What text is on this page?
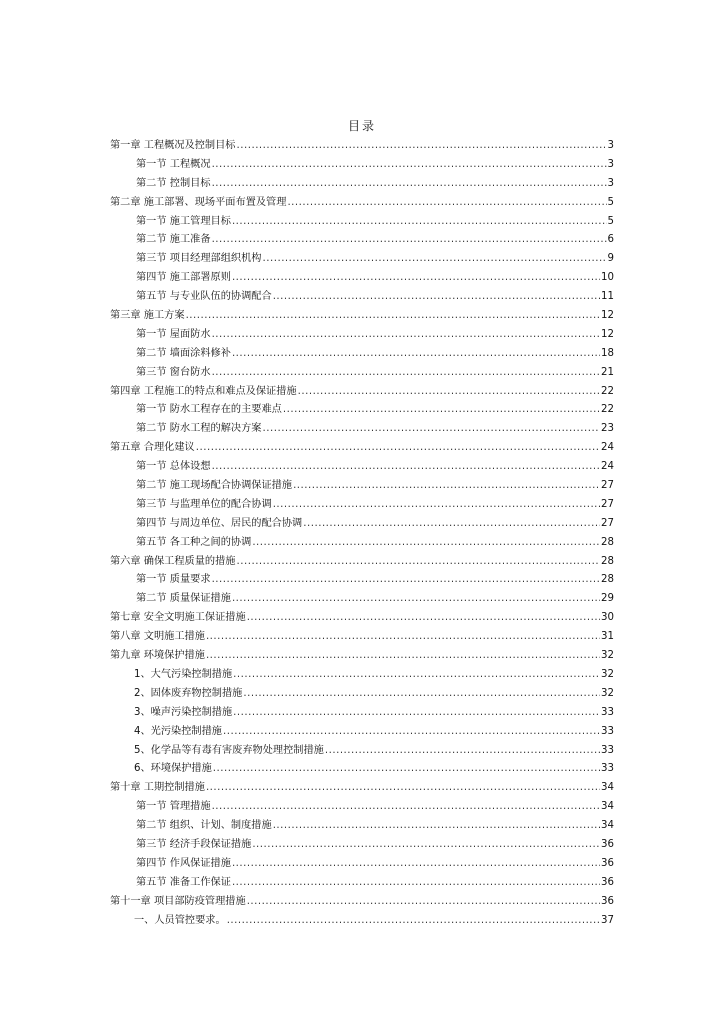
目录
第一章 工程概况及控制目标 .....	3
第一节 工程概况 .....	3
第二节 控制目标 .....	3
第二章 施工部署、现场平面布置及管理 .....	5
第一节 施工管理目标 .....	5
第二节 施工准备 .....	6
第三节 项目经理部组织机构 .....	9
第四节 施工部署原则 .....	10
第五节 与专业队伍的协调配合 .....	11
第三章 施工方案 .....	12
第一节 屋面防水 .....	12
第二节 墙面涂料修补 .....	18
第三节 窗台防水 .....	21
第四章 工程施工的特点和难点及保证措施 .....	22
第一节 防水工程存在的主要难点 .....	22
第二节 防水工程的解决方案 .....	23
第五章 合理化建议 .....	24
第一节 总体设想 .....	24
第二节 施工现场配合协调保证措施 .....	27
第三节 与监理单位的配合协调 .....	27
第四节 与周边单位、居民的配合协调 .....	27
第五节 各工种之间的协调 .....	28
第六章 确保工程质量的措施 .....	28
第一节 质量要求 .....	28
第二节 质量保证措施 .....	29
第七章 安全文明施工保证措施 .....	30
第八章 文明施工措施 .....	31
第九章 环境保护措施 .....	32
1、大气污染控制措施 .....	32
2、固体废弃物控制措施 .....	32
3、噪声污染控制措施 .....	33
4、光污染控制措施 .....	33
5、化学品等有毒有害废弃物处理控制措施 .....	33
6、环境保护措施 .....	33
第十章 工期控制措施 .....	34
第一节 管理措施 .....	34
第二节 组织、计划、制度措施 .....	34
第三节 经济手段保证措施 .....	36
第四节 作风保证措施 .....	36
第五节 准备工作保证 .....	36
第十一章 项目部防疫管理措施 .....	36
一、人员管控要求。 .....	37
